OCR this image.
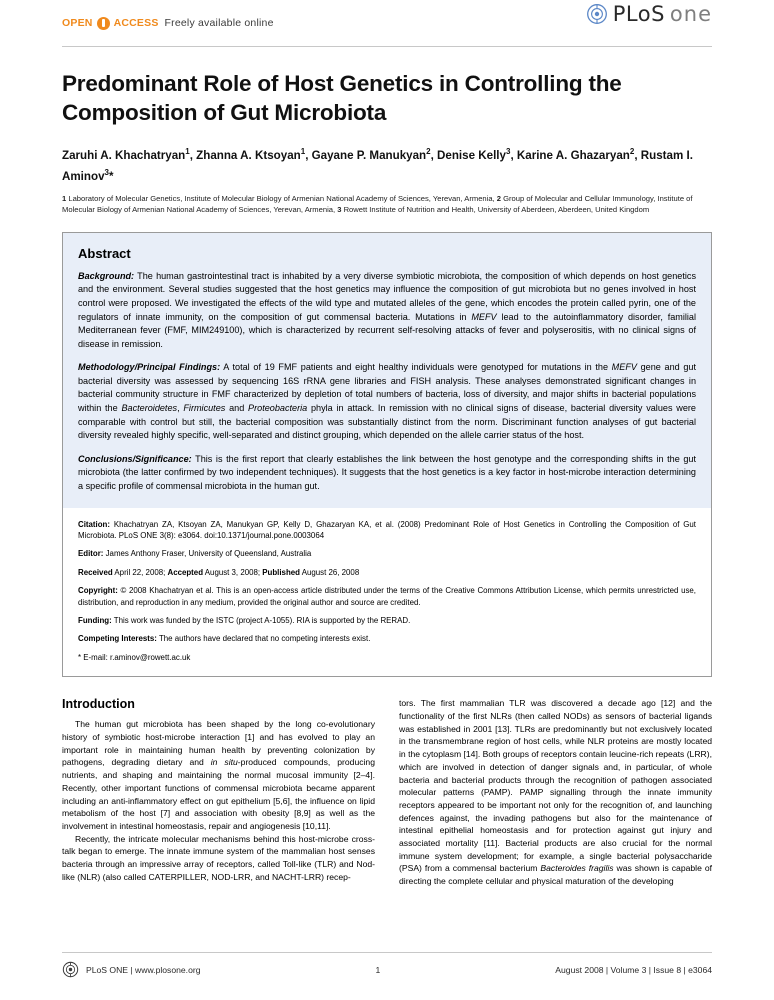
OPEN ACCESS Freely available online	PLoS one
Predominant Role of Host Genetics in Controlling the Composition of Gut Microbiota
Zaruhi A. Khachatryan$^1$, Zhanna A. Ktsoyan$^1$, Gayane P. Manukyan$^2$, Denise Kelly$^3$, Karine A. Ghazaryan$^2$, Rustam I. Aminov$^3$*
1 Laboratory of Molecular Genetics, Institute of Molecular Biology of Armenian National Academy of Sciences, Yerevan, Armenia, 2 Group of Molecular and Cellular Immunology, Institute of Molecular Biology of Armenian National Academy of Sciences, Yerevan, Armenia, 3 Rowett Institute of Nutrition and Health, University of Aberdeen, Aberdeen, United Kingdom
Abstract

Background: The human gastrointestinal tract is inhabited by a very diverse symbiotic microbiota, the composition of which depends on host genetics and the environment. Several studies suggested that the host genetics may influence the composition of gut microbiota but no genes involved in host control were proposed. We investigated the effects of the wild type and mutated alleles of the gene, which encodes the protein called pyrin, one of the regulators of innate immunity, on the composition of gut commensal bacteria. Mutations in MEFV lead to the autoinflammatory disorder, familial Mediterranean fever (FMF, MIM249100), which is characterized by recurrent self-resolving attacks of fever and polyserositis, with no clinical signs of disease in remission.

Methodology/Principal Findings: A total of 19 FMF patients and eight healthy individuals were genotyped for mutations in the MEFV gene and gut bacterial diversity was assessed by sequencing 16S rRNA gene libraries and FISH analysis. These analyses demonstrated significant changes in bacterial community structure in FMF characterized by depletion of total numbers of bacteria, loss of diversity, and major shifts in bacterial populations within the Bacteroidetes, Firmicutes and Proteobacteria phyla in attack. In remission with no clinical signs of disease, bacterial diversity values were comparable with control but still, the bacterial composition was substantially distinct from the norm. Discriminant function analyses of gut bacterial diversity revealed highly specific, well-separated and distinct grouping, which depended on the allele carrier status of the host.

Conclusions/Significance: This is the first report that clearly establishes the link between the host genotype and the corresponding shifts in the gut microbiota (the latter confirmed by two independent techniques). It suggests that the host genetics is a key factor in host-microbe interaction determining a specific profile of commensal microbiota in the human gut.

Citation: Khachatryan ZA, Ktsoyan ZA, Manukyan GP, Kelly D, Ghazaryan KA, et al. (2008) Predominant Role of Host Genetics in Controlling the Composition of Gut Microbiota. PLoS ONE 3(8): e3064. doi:10.1371/journal.pone.0003064

Editor: James Anthony Fraser, University of Queensland, Australia

Received April 22, 2008; Accepted August 3, 2008; Published August 26, 2008

Copyright: © 2008 Khachatryan et al. This is an open-access article distributed under the terms of the Creative Commons Attribution License, which permits unrestricted use, distribution, and reproduction in any medium, provided the original author and source are credited.

Funding: This work was funded by the ISTC (project A-1055). RIA is supported by the RERAD.

Competing Interests: The authors have declared that no competing interests exist.

* E-mail: r.aminov@rowett.ac.uk

Introduction

The human gut microbiota has been shaped by the long co-evolutionary history of symbiotic host-microbe interaction [1] and has evolved to play an important role in maintaining human health by preventing colonization by pathogens, degrading dietary and in situ-produced compounds, producing nutrients, and shaping and maintaining the normal mucosal immunity [2–4]. Recently, other important functions of commensal microbiota became apparent including an anti-inflammatory effect on gut epithelium [5,6], the influence on lipid metabolism of the host [7] and association with obesity [8,9] as well as the involvement in intestinal homeostasis, repair and angiogenesis [10,11].

Recently, the intricate molecular mechanisms behind this host-microbe cross-talk began to emerge. The innate immune system of the mammalian host senses bacteria through an impressive array of receptors, called Toll-like (TLR) and Nod-like (NLR) (also called CATERPILLER, NOD-LRR, and NACHT-LRR) recep-

tors. The first mammalian TLR was discovered a decade ago [12] and the functionality of the first NLRs (then called NODs) as sensors of bacterial ligands was established in 2001 [13]. TLRs are predominantly but not exclusively located in the transmembrane region of host cells, while NLR proteins are mostly located in the cytoplasm [14]. Both groups of receptors contain leucine-rich repeats (LRR), which are involved in detection of danger signals and, in particular, of whole bacteria and bacterial products through the recognition of pathogen associated molecular patterns (PAMP). PAMP signalling through the innate immunity receptors appeared to be important not only for the recognition of, and launching defences against, the invading pathogens but also for the maintenance of intestinal epithelial homeostasis and for protection against gut injury and associated mortality [11]. Bacterial products are also crucial for the normal immune system development; for example, a single bacterial polysaccharide (PSA) from a commensal bacterium Bacteroides fragilis was shown is capable of directing the complete cellular and physical maturation of the developing

PLoS ONE | www.plosone.org	1	August 2008 | Volume 3 | Issue 8 | e3064
